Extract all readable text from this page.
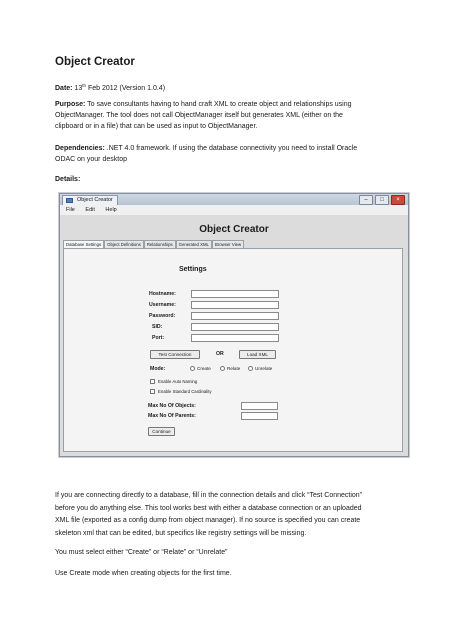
Object Creator
Date: 13th Feb 2012 (Version 1.0.4)
Purpose: To save consultants having to hand craft XML to create object and relationships using
ObjectManager. The tool does not call ObjectManager itself but generates XML (either on the
clipboard or in a file) that can be used as input to ObjectManager.
Dependencies: .NET 4.0 framework. If using the database connectivity you need to install Oracle
ODAC on your desktop
Details:
Object Creator	–	□	×
File Edit Help
Object Creator
Database Settings	Object Definitions	Relationships	Generated XML	Browser View
Settings
Hostname:
Username:
Password:
SID:
Port:
Test Connection	OR	Load XML
Mode:	Create	Relate	Unrelate
Enable Auto Naming
Enable Standard Cardinality
Max No Of Objects:
Max No Of Parents:
Continue
If you are connecting directly to a database, fill in the connection details and click “Test Connection”
before you do anything else. This tool works best with either a database connection or an uploaded
XML file (exported as a config dump from object manager). If no source is specified you can create
skeleton xml that can be edited, but specifics like registry settings will be missing.
You must select either “Create” or “Relate” or “Unrelate”
Use Create mode when creating objects for the first time.
